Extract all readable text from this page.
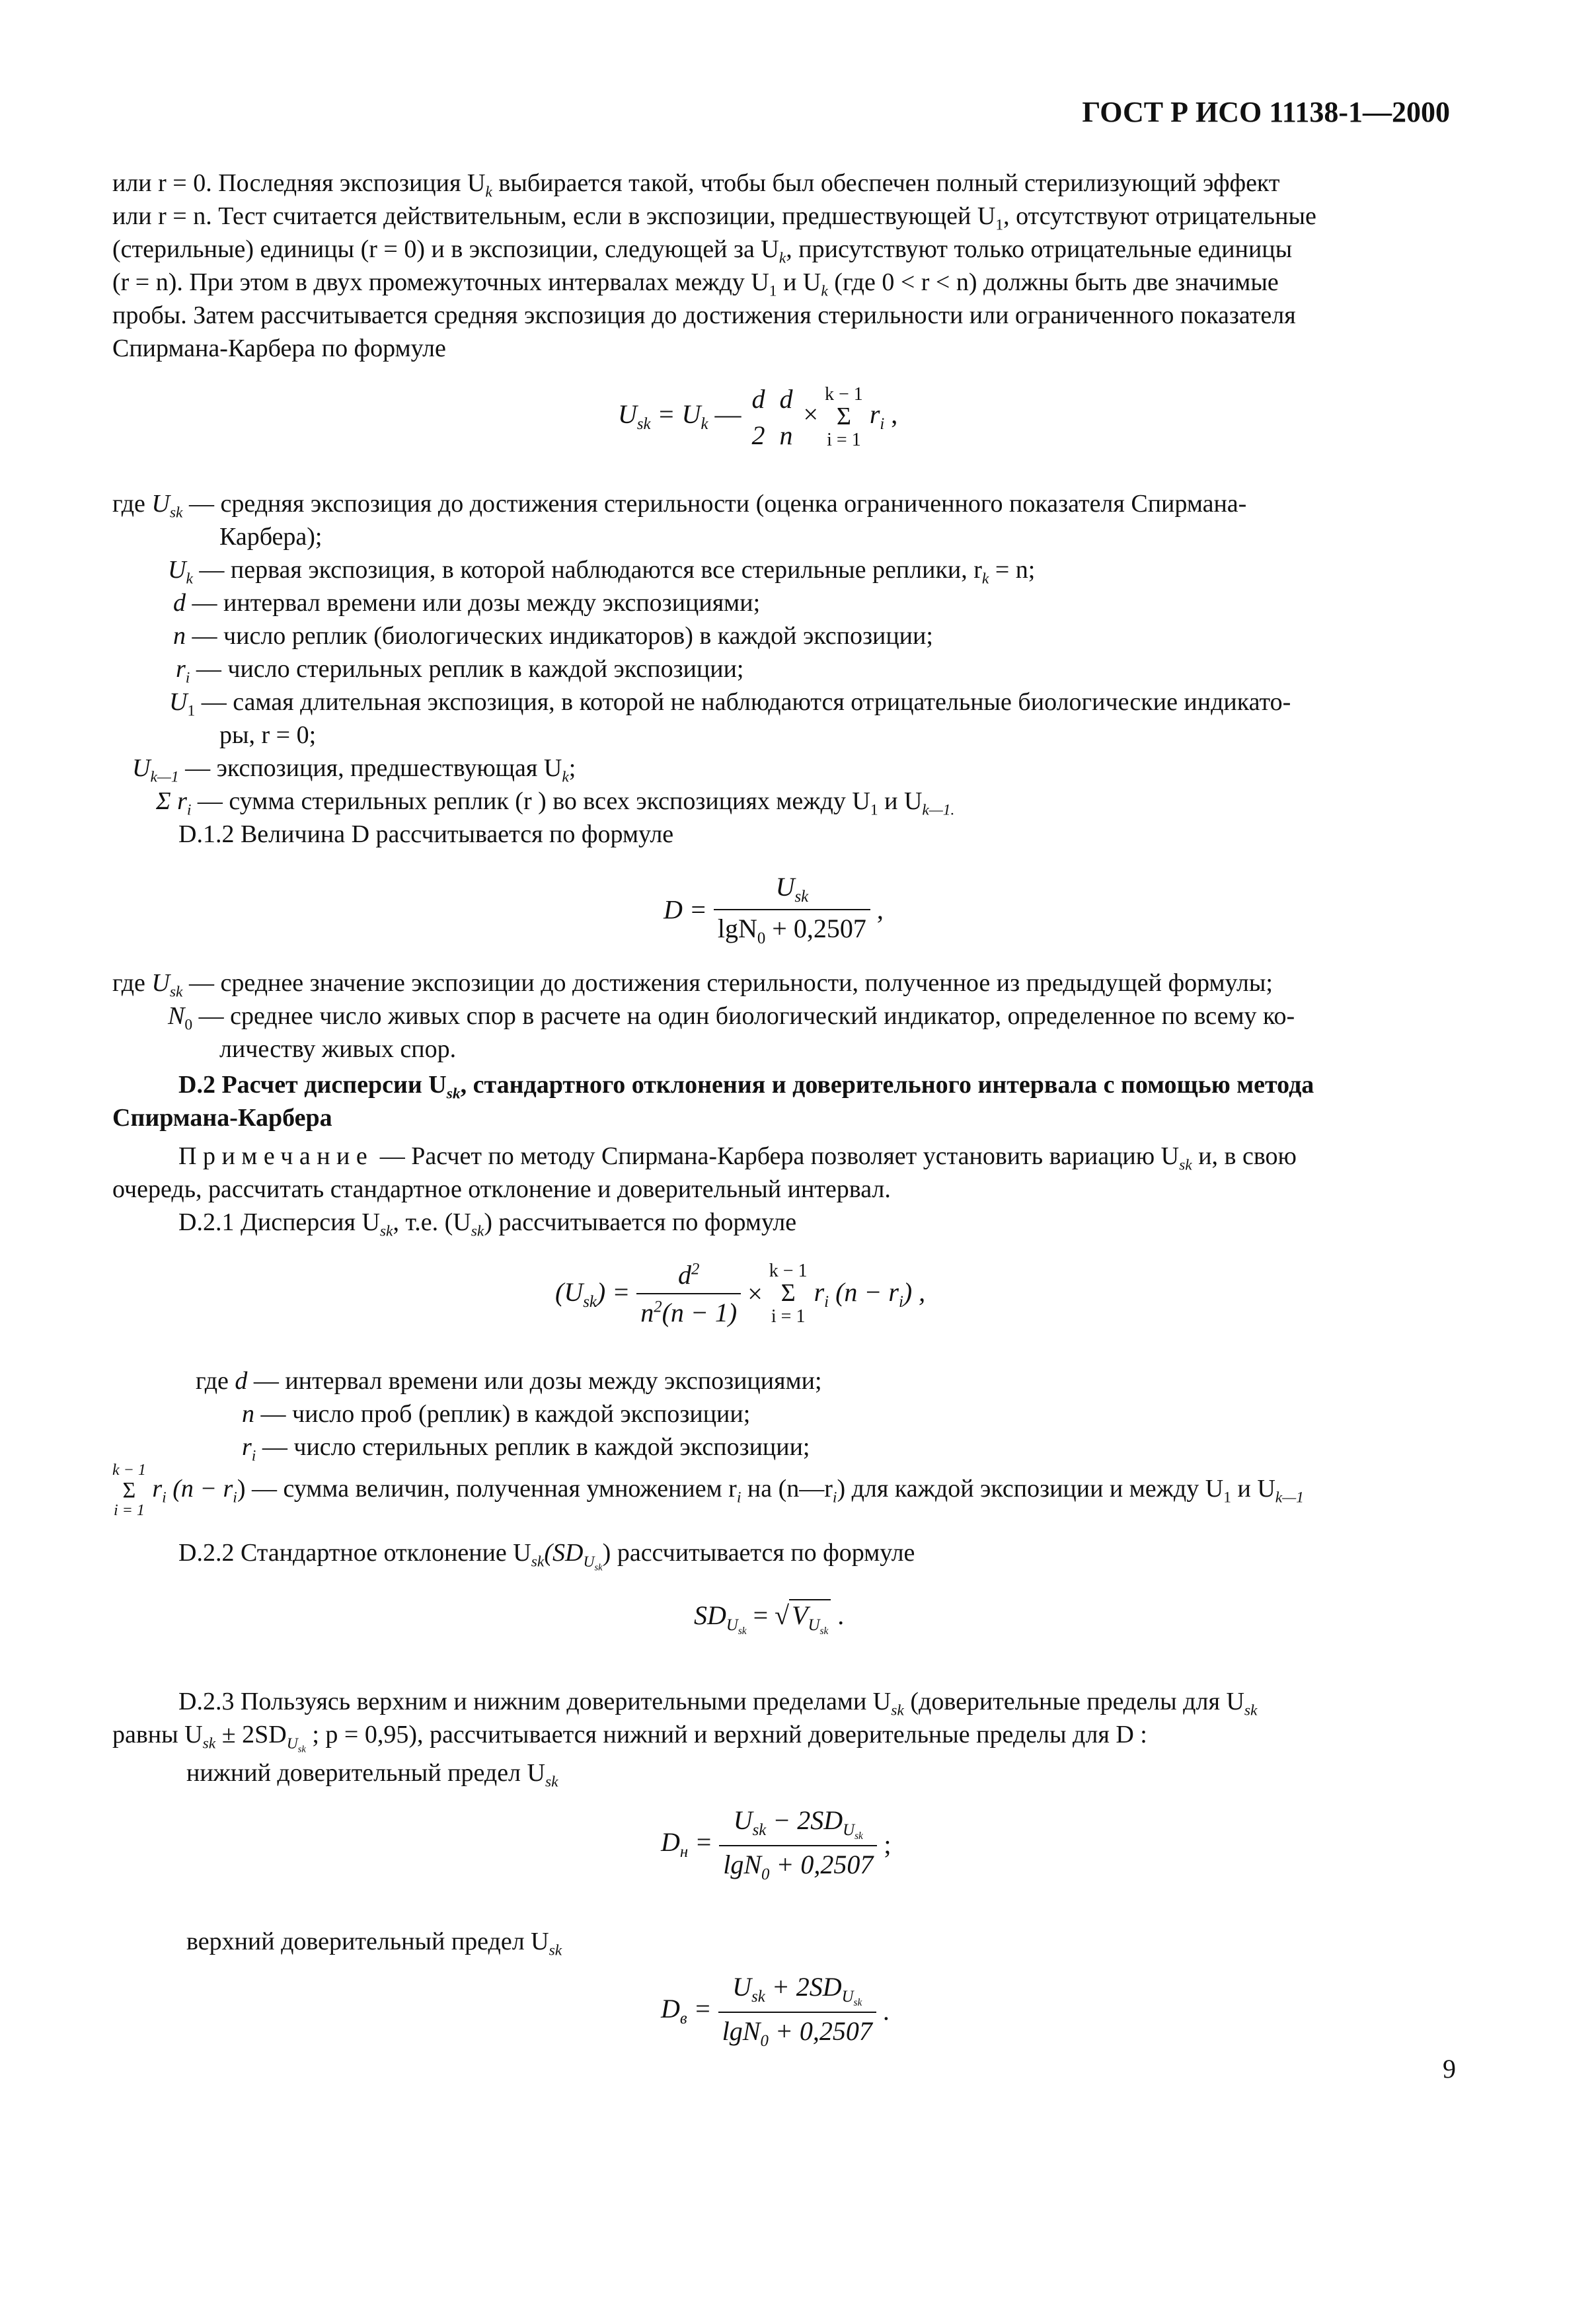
ГОСТ Р ИСО 11138-1—2000
или r = 0. Последняя экспозиция $U_k$ выбирается такой, чтобы был обеспечен полный стерилизующий эффект
или r = n. Тест считается действительным, если в экспозиции, предшествующей $U_1$, отсутствуют отрицательные
(стерильные) единицы (r = 0) и в экспозиции, следующей за $U_k$, присутствуют только отрицательные единицы
(r = n). При этом в двух промежуточных интервалах между $U_1$ и $U_k$ (где 0 < r < n) должны быть две значимые
пробы. Затем рассчитывается средняя экспозиция до достижения стерильности или ограниченного показателя
Спирмана-Карбера по формуле
$U_{sk} = U_k$ —
d
2

d
n
× k − 1
Σ
i = 1 $r_i$ ,
где $U_{sk}$ — средняя экспозиция до достижения стерильности (оценка ограниченного показателя Спирмана-
Карбера);
$U_k$ — первая экспозиция, в которой наблюдаются все стерильные реплики, $r_k = n$;
d — интервал времени или дозы между экспозициями;
n — число реплик (биологических индикаторов) в каждой экспозиции;
$r_i$ — число стерильных реплик в каждой экспозиции;
$U_1$ — самая длительная экспозиция, в которой не наблюдаются отрицательные биологические индикато-
ры, r = 0;
$U_{k—1}$ — экспозиция, предшествующая $U_k$;
Σ $r_i$ — сумма стерильных реплик (r ) во всех экспозициях между $U_1$ и $U_{k—1.}$
D.1.2 Величина D рассчитывается по формуле
$D = \frac{U_{sk}}{\lg N_0 + 0,2507}$ ,
где $U_{sk}$ — среднее значение экспозиции до достижения стерильности, полученное из предыдущей формулы;
$N_0$ — среднее число живых спор в расчете на один биологический индикатор, определенное по всему ко-
личеству живых спор.
D.2 Расчет дисперсии $U_{sk}$, стандартного отклонения и доверительного интервала с помощью метода
Спирмана-Карбера
Примечание — Расчет по методу Спирмана-Карбера позволяет установить вариацию $U_{sk}$ и, в свою
очередь, рассчитать стандартное отклонение и доверительный интервал.
D.2.1 Дисперсия $U_{sk}$, т.е. $(U_{sk})$ рассчитывается по формуле
$(U_{sk}) = \frac{d^2}{n^2(n - 1)} \times k - 1$
Σ
i = 1 $r_i$ $(n - r_i)$ ,
где d — интервал времени или дозы между экспозициями;
n — число проб (реплик) в каждой экспозиции;
$r_i$ — число стерильных реплик в каждой экспозиции;
k − 1
Σ
i = 1 $r_i$ $(n - r_i)$ — сумма величин, полученная умножением $r_i$ на $(n—r_i)$ для каждой экспозиции и между $U_1$ и $U_{k—1}$
D.2.2 Стандартное отклонение $U_{sk}(SD_{U_{sk}})$ рассчитывается по формуле
$SD_{U_{sk}}$ = √ $V_{U_{sk}}$ .
D.2.3 Пользуясь верхним и нижним доверительными пределами $U_{sk}$ (доверительные пределы для $U_{sk}$
равны $U_{sk} \pm 2SD_{U_{sk}}$ ; p = 0,95), рассчитывается нижний и верхний доверительные пределы для D :
нижний доверительный предел $U_{sk}$
$D_н = \frac{U_{sk} - 2SD_{U_{sk}}}{\lg N_0 + 0,2507}$ ;
верхний доверительный предел $U_{sk}$
$D_в = \frac{U_{sk} + 2SD_{U_{sk}}}{\lg N_0 + 0,2507}$ .
9
